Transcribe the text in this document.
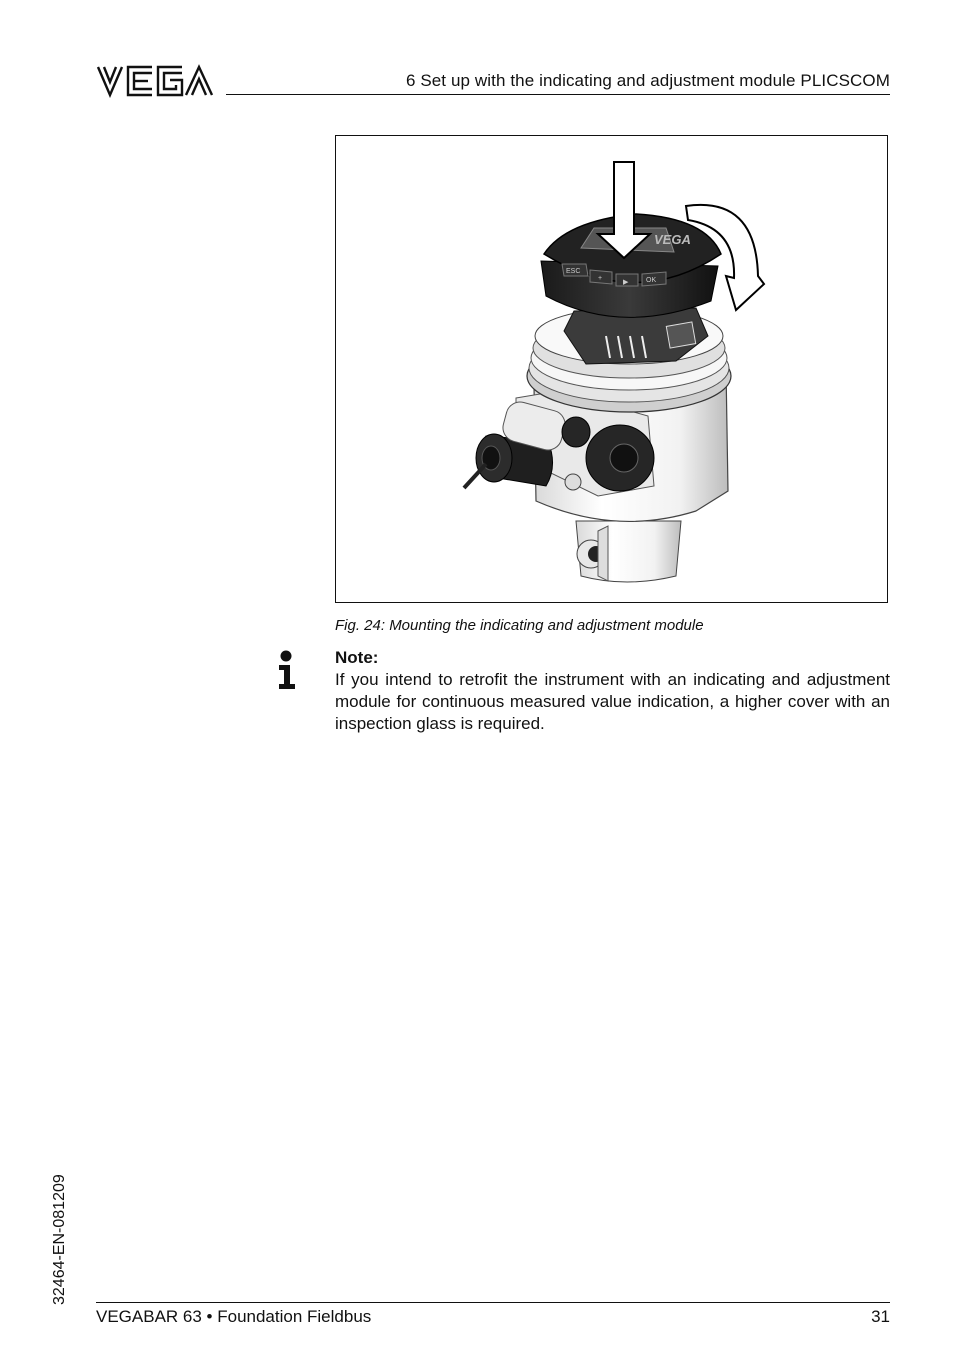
6 Set up with the indicating and adjustment module PLICSCOM
VEGA
ESC
+
▶	OK
Fig. 24: Mounting the indicating and adjustment module

Note:

If you intend to retrofit the instrument with an indicating and adjustment module for continuous measured value indication, a higher cover with an inspection glass is required.

32464-EN-081209
VEGABAR 63 • Foundation Fieldbus	31
